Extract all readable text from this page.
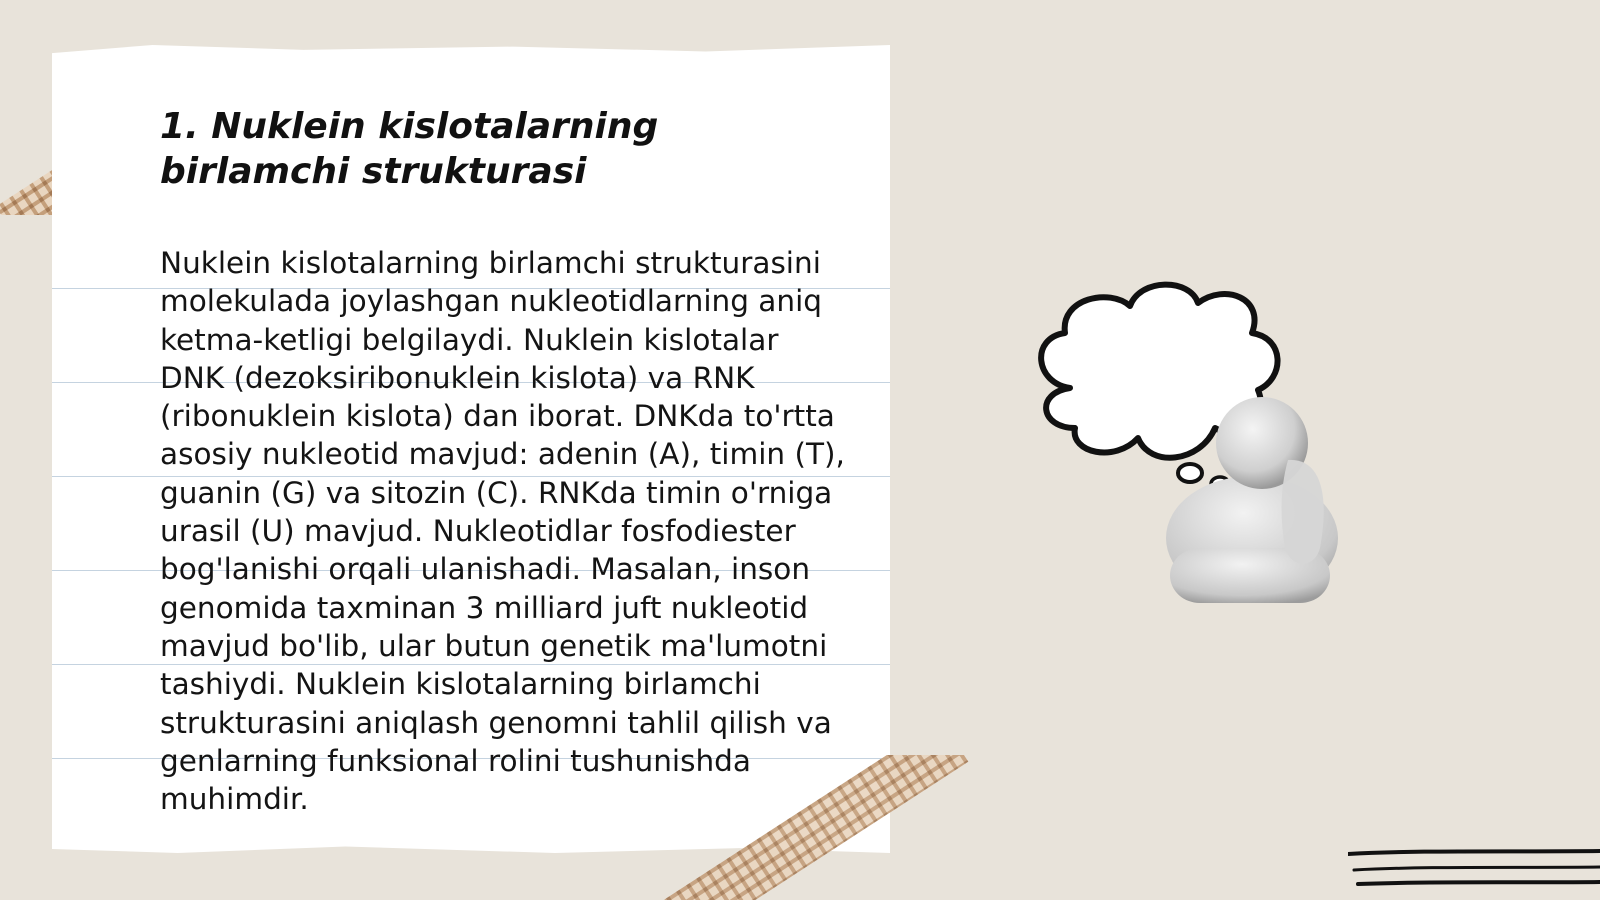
1. Nuklein kislotalarning birlamchi strukturasi

Nuklein kislotalarning birlamchi strukturasini molekulada joylashgan nukleotidlarning aniq ketma-ketligi belgilaydi. Nuklein kislotalar DNK (dezoksiribonuklein kislota) va RNK (ribonuklein kislota) dan iborat. DNKda to'rtta asosiy nukleotid mavjud: adenin (A), timin (T), guanin (G) va sitozin (C). RNKda timin o'rniga urasil (U) mavjud. Nukleotidlar fosfodiester bog'lanishi orqali ulanishadi. Masalan, inson genomida taxminan 3 milliard juft nukleotid mavjud bo'lib, ular butun genetik ma'lumotni tashiydi. Nuklein kislotalarning birlamchi strukturasini aniqlash genomni tahlil qilish va genlarning funksional rolini tushunishda muhimdir.
